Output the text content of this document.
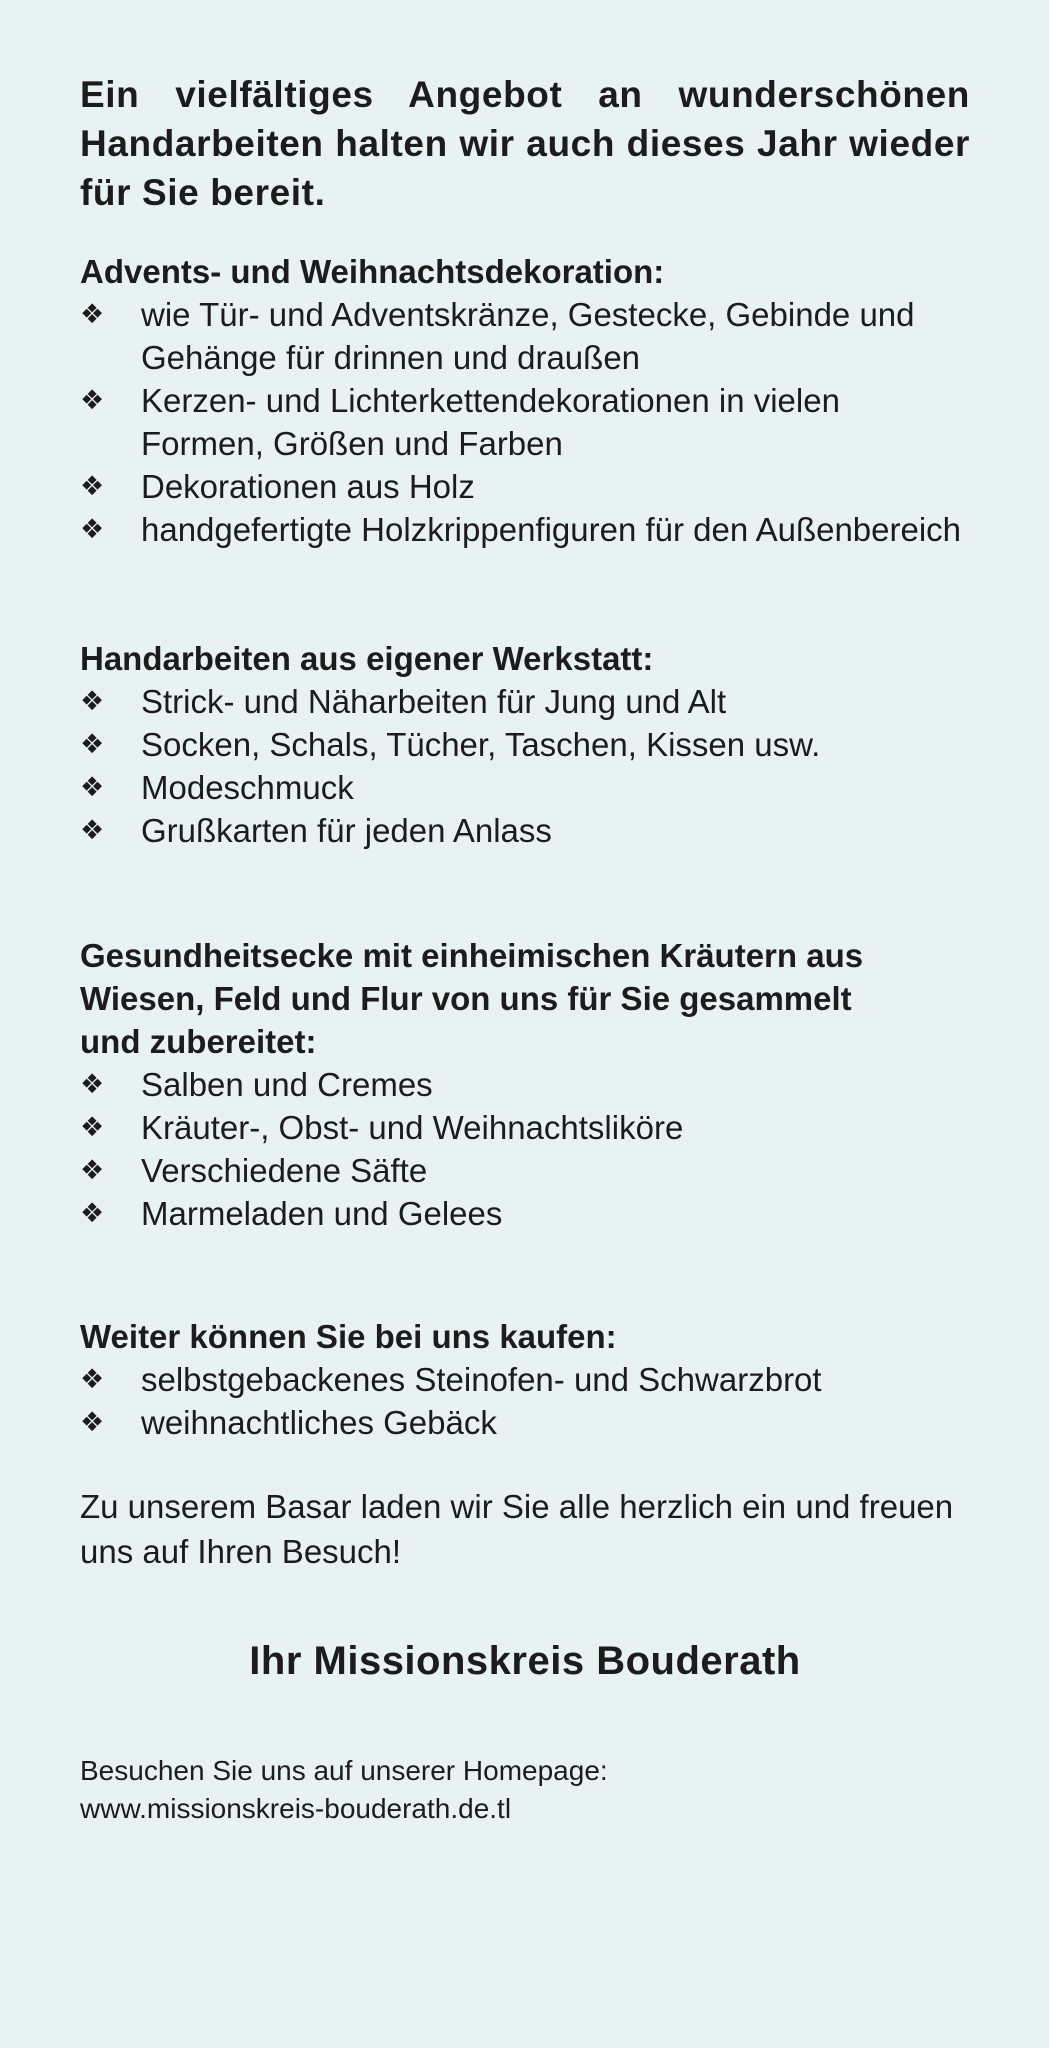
Ein vielfältiges Angebot an wunderschönen Handarbeiten halten wir auch dieses Jahr wieder für Sie bereit.

Advents- und Weihnachtsdekoration:
❖	wie Tür- und Adventskränze, Gestecke, Gebinde und Gehänge für drinnen und draußen
❖	Kerzen- und Lichterkettendekorationen in vielen Formen, Größen und Farben
❖	Dekorationen aus Holz
❖	handgefertigte Holzkrippenfiguren für den Außenbereich
Handarbeiten aus eigener Werkstatt:
❖	Strick- und Näharbeiten für Jung und Alt
❖	Socken, Schals, Tücher, Taschen, Kissen usw.
❖	Modeschmuck
❖	Grußkarten für jeden Anlass
Gesundheitsecke mit einheimischen Kräutern aus Wiesen, Feld und Flur von uns für Sie gesammelt und zubereitet:
❖	Salben und Cremes
❖	Kräuter-, Obst- und Weihnachtsliköre
❖	Verschiedene Säfte
❖	Marmeladen und Gelees
Weiter können Sie bei uns kaufen:
❖	selbstgebackenes Steinofen- und Schwarzbrot
❖	weihnachtliches Gebäck

Zu unserem Basar laden wir Sie alle herzlich ein und freuen uns auf Ihren Besuch!

Ihr Missionskreis Bouderath

Besuchen Sie uns auf unserer Homepage:

www.missionskreis-bouderath.de.tl
